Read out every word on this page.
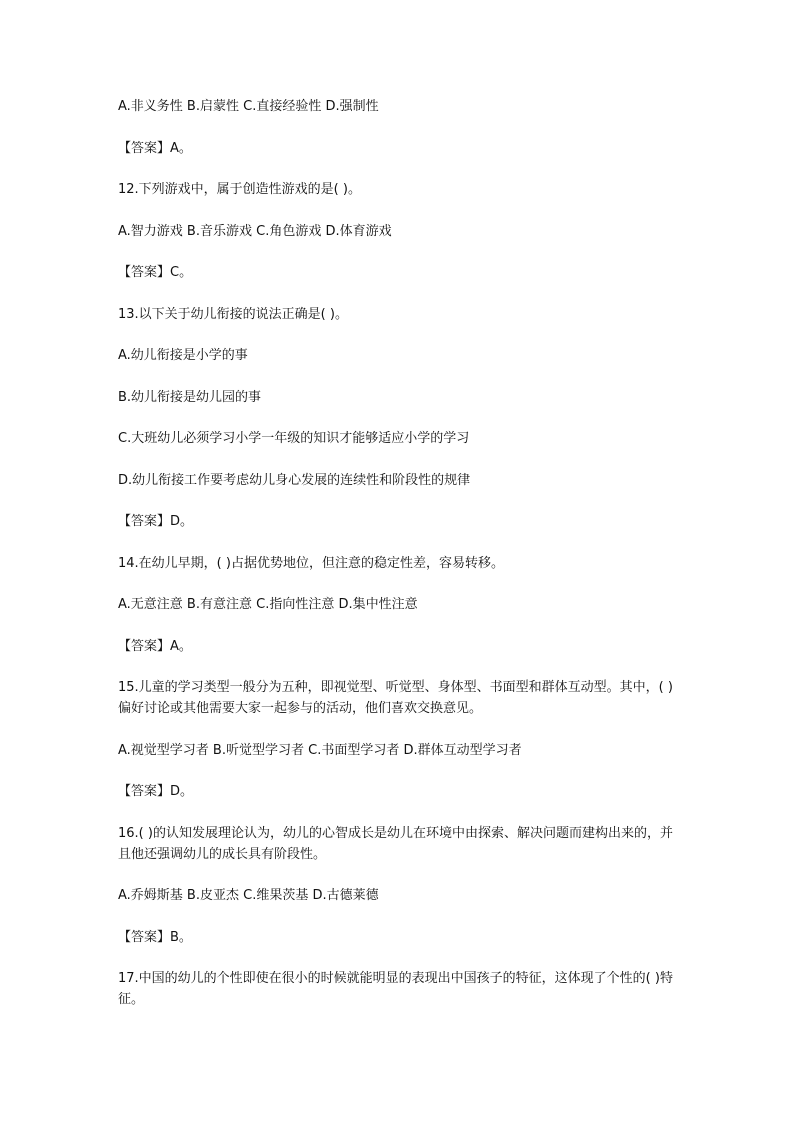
A.非义务性 B.启蒙性 C.直接经验性 D.强制性

【答案】A。

12.下列游戏中，属于创造性游戏的是( )。

A.智力游戏 B.音乐游戏 C.角色游戏 D.体育游戏

【答案】C。

13.以下关于幼儿衔接的说法正确是( )。

A.幼儿衔接是小学的事

B.幼儿衔接是幼儿园的事

C.大班幼儿必须学习小学一年级的知识才能够适应小学的学习

D.幼儿衔接工作要考虑幼儿身心发展的连续性和阶段性的规律

【答案】D。

14.在幼儿早期，( )占据优势地位，但注意的稳定性差，容易转移。

A.无意注意 B.有意注意 C.指向性注意 D.集中性注意

【答案】A。

15.儿童的学习类型一般分为五种，即视觉型、听觉型、身体型、书面型和群体互动型。其中，( )偏好讨论或其他需要大家一起参与的活动，他们喜欢交换意见。

A.视觉型学习者 B.听觉型学习者 C.书面型学习者 D.群体互动型学习者

【答案】D。

16.( )的认知发展理论认为，幼儿的心智成长是幼儿在环境中由探索、解决问题而建构出来的，并且他还强调幼儿的成长具有阶段性。

A.乔姆斯基 B.皮亚杰 C.维果茨基 D.古德莱德

【答案】B。

17.中国的幼儿的个性即使在很小的时候就能明显的表现出中国孩子的特征，这体现了个性的( )特征。
